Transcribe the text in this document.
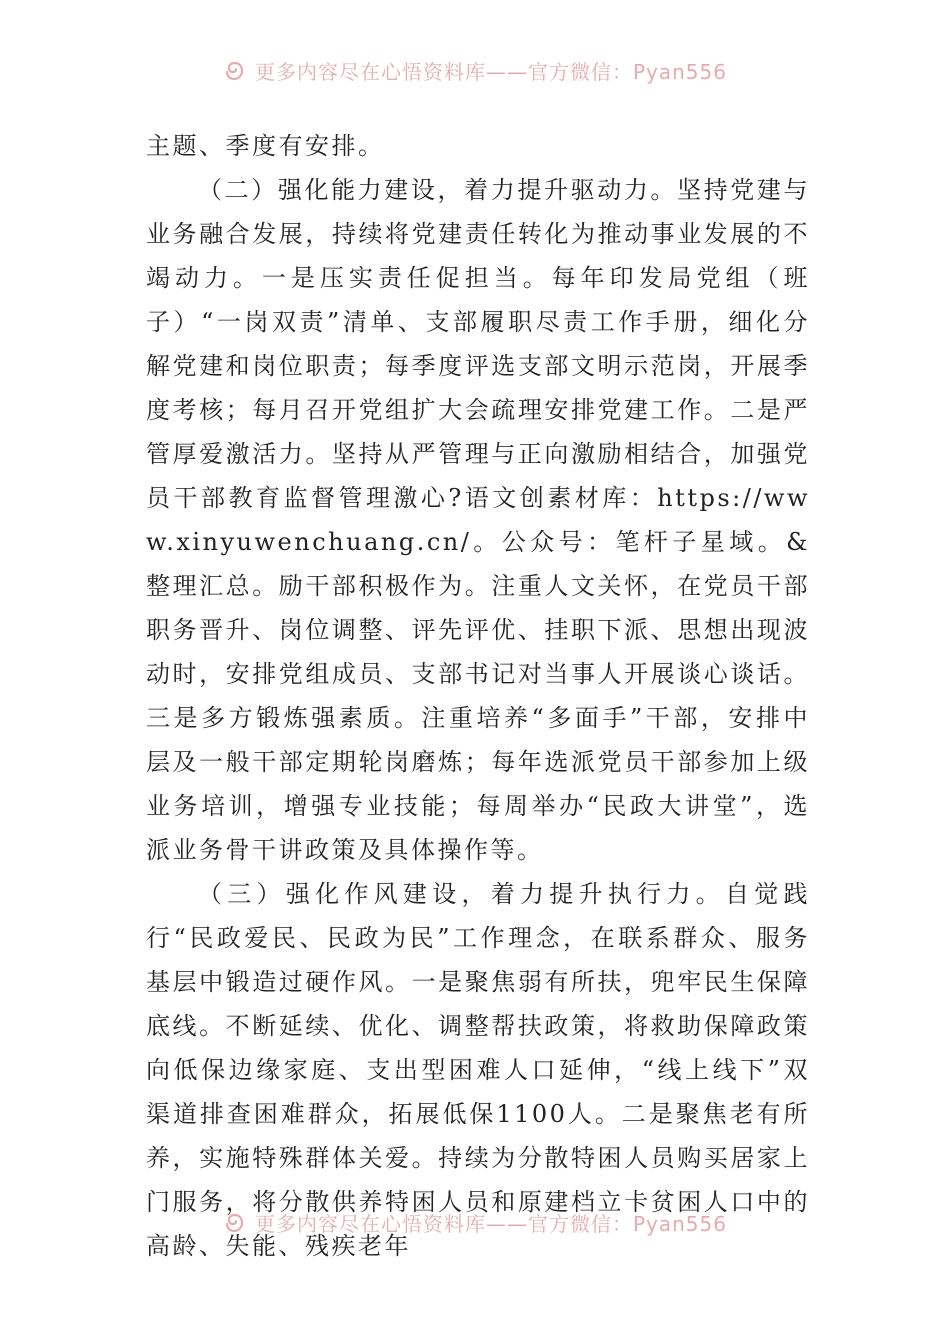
更多内容尽在心悟资料库——官方微信：Pyan556

主题、季度有安排。

（二）强化能力建设，着力提升驱动力。坚持党建与业务融合发展，持续将党建责任转化为推动事业发展的不竭动力。一是压实责任促担当。每年印发局党组（班子）“一岗双责”清单、支部履职尽责工作手册，细化分解党建和岗位职责；每季度评选支部文明示范岗，开展季度考核；每月召开党组扩大会疏理安排党建工作。二是严管厚爱激活力。坚持从严管理与正向激励相结合，加强党员干部教育监督管理激心?语文创素材库：https://www.xinyuwenchuang.cn/。公众号：笔杆子星域。&整理汇总。励干部积极作为。注重人文关怀，在党员干部职务晋升、岗位调整、评先评优、挂职下派、思想出现波动时，安排党组成员、支部书记对当事人开展谈心谈话。三是多方锻炼强素质。注重培养“多面手”干部，安排中层及一般干部定期轮岗磨炼；每年选派党员干部参加上级业务培训，增强专业技能；每周举办“民政大讲堂”，选派业务骨干讲政策及具体操作等。

（三）强化作风建设，着力提升执行力。自觉践行“民政爱民、民政为民”工作理念，在联系群众、服务基层中锻造过硬作风。一是聚焦弱有所扶，兜牢民生保障底线。不断延续、优化、调整帮扶政策，将救助保障政策向低保边缘家庭、支出型困难人口延伸，“线上线下”双渠道排查困难群众，拓展低保1100人。二是聚焦老有所养，实施特殊群体关爱。持续为分散特困人员购买居家上门服务，将分散供养特困人员和原建档立卡贫困人口中的高龄、失能、残疾老年

更多内容尽在心悟资料库——官方微信：Pyan556
